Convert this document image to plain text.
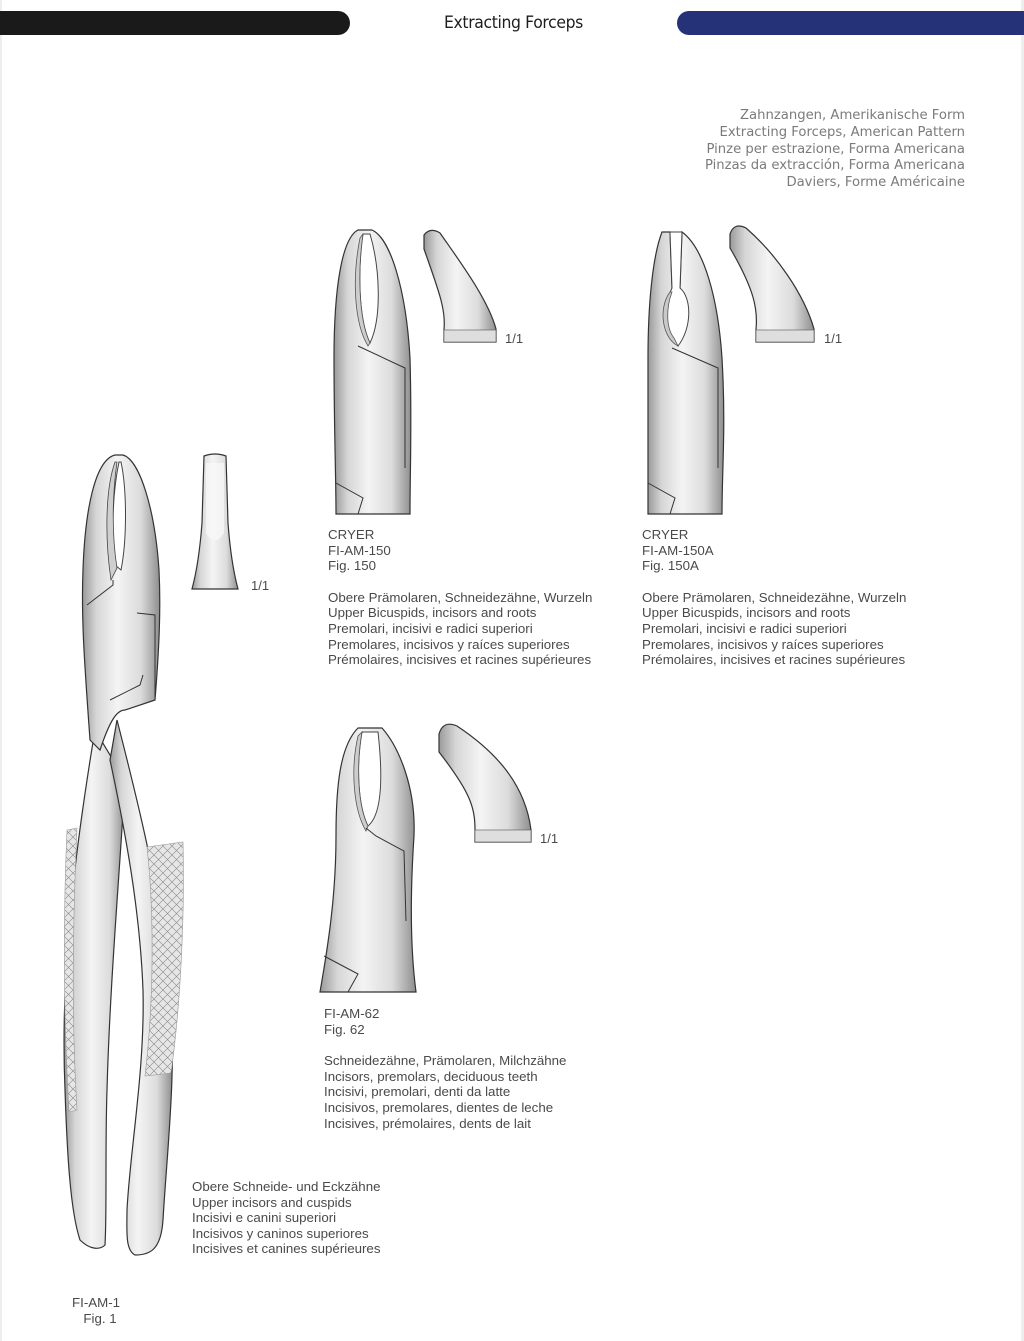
Extracting Forceps
Zahnzangen, Amerikanische Form
Extracting Forceps, American Pattern
Pinze per estrazione, Forma Americana
Pinzas da extracción, Forma Americana
Daviers, Forme Américaine
1/1
Obere Schneide- und Eckzähne
Upper incisors and cuspids
Incisivi e canini superiori
Incisivos y caninos superiores
Incisives et canines supérieures
FI-AM-1
Fig. 1
1/1
CRYER
FI-AM-150
Fig. 150
Obere Prämolaren, Schneidezähne, Wurzeln
Upper Bicuspids, incisors and roots
Premolari, incisivi e radici superiori
Premolares, incisivos y raíces superiores
Prémolaires, incisives et racines supérieures
1/1
CRYER
FI-AM-150A
Fig. 150A
Obere Prämolaren, Schneidezähne, Wurzeln
Upper Bicuspids, incisors and roots
Premolari, incisivi e radici superiori
Premolares, incisivos y raíces superiores
Prémolaires, incisives et racines supérieures
1/1
FI-AM-62
Fig. 62
Schneidezähne, Prämolaren, Milchzähne
Incisors, premolars, deciduous teeth
Incisivi, premolari, denti da latte
Incisivos, premolares, dientes de leche
Incisives, prémolaires, dents de lait
